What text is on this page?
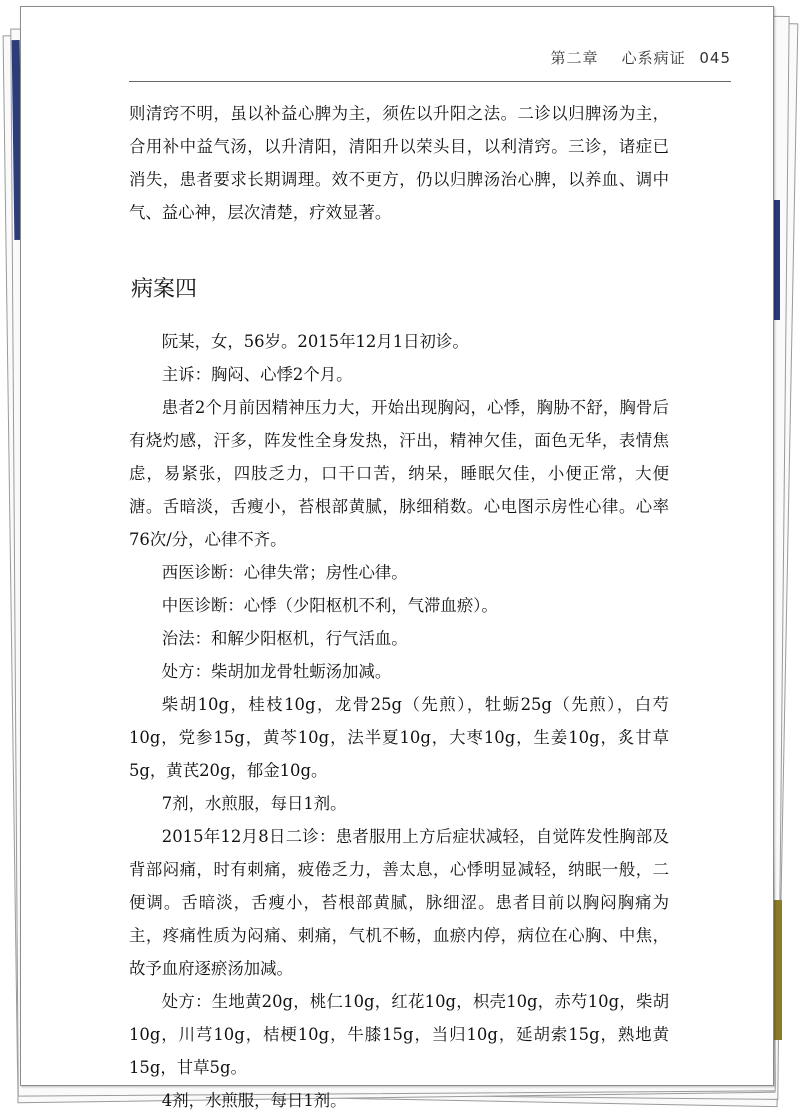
第二章 心系病证 045

则清窍不明，虽以补益心脾为主，须佐以升阳之法。二诊以归脾汤为主，合用补中益气汤，以升清阳，清阳升以荣头目，以利清窍。三诊，诸症已消失，患者要求长期调理。效不更方，仍以归脾汤治心脾，以养血、调中气、益心神，层次清楚，疗效显著。

病案四

阮某，女，56岁。2015年12月1日初诊。

主诉：胸闷、心悸2个月。

患者2个月前因精神压力大，开始出现胸闷，心悸，胸胁不舒，胸骨后有烧灼感，汗多，阵发性全身发热，汗出，精神欠佳，面色无华，表情焦虑，易紧张，四肢乏力，口干口苦，纳呆，睡眠欠佳，小便正常，大便溏。舌暗淡，舌瘦小，苔根部黄腻，脉细稍数。心电图示房性心律。心率76次/分，心律不齐。

西医诊断：心律失常；房性心律。

中医诊断：心悸（少阳枢机不利，气滞血瘀）。

治法：和解少阳枢机，行气活血。

处方：柴胡加龙骨牡蛎汤加减。

柴胡10g，桂枝10g，龙骨25g（先煎），牡蛎25g（先煎），白芍10g，党参15g，黄芩10g，法半夏10g，大枣10g，生姜10g，炙甘草5g，黄芪20g，郁金10g。

7剂，水煎服，每日1剂。

2015年12月8日二诊：患者服用上方后症状减轻，自觉阵发性胸部及背部闷痛，时有刺痛，疲倦乏力，善太息，心悸明显减轻，纳眠一般，二便调。舌暗淡，舌瘦小，苔根部黄腻，脉细涩。患者目前以胸闷胸痛为主，疼痛性质为闷痛、刺痛，气机不畅，血瘀内停，病位在心胸、中焦，故予血府逐瘀汤加减。

处方：生地黄20g，桃仁10g，红花10g，枳壳10g，赤芍10g，柴胡10g，川芎10g，桔梗10g，牛膝15g，当归10g，延胡索15g，熟地黄15g，甘草5g。

4剂，水煎服，每日1剂。
